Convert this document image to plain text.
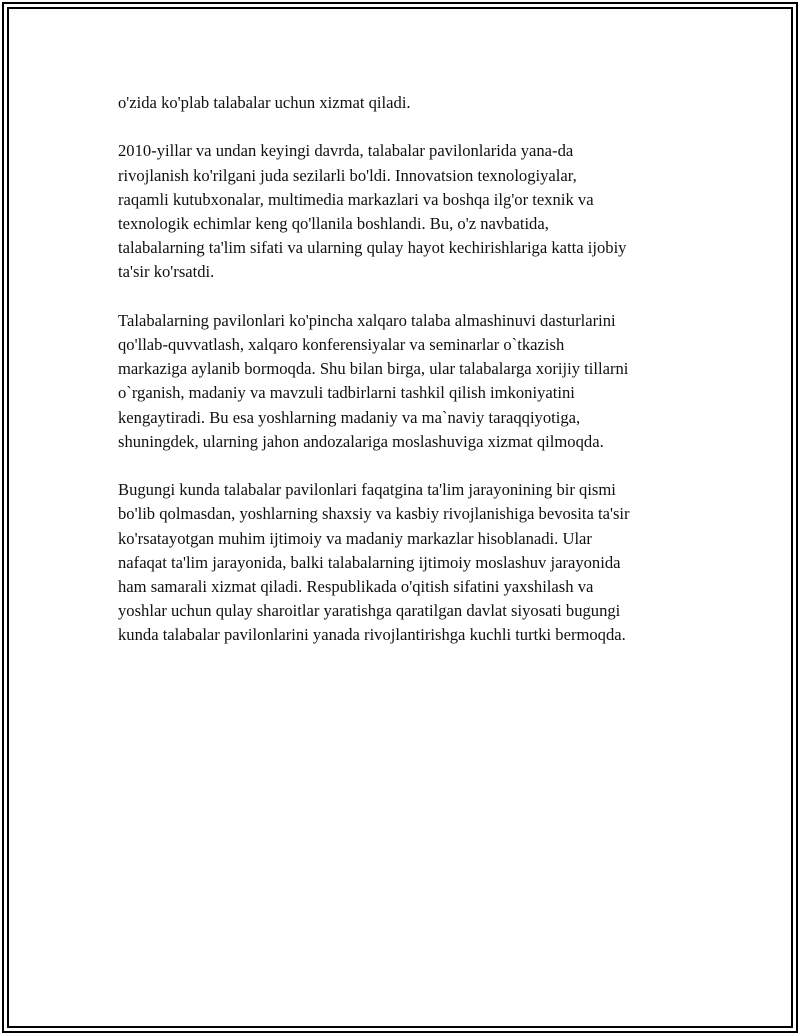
o'zida ko'plab talabalar uchun xizmat qiladi.

2010-yillar va undan keyingi davrda, talabalar pavilonlarida yana-da
rivojlanish ko'rilgani juda sezilarli bo'ldi. Innovatsion texnologiyalar,
raqamli kutubxonalar, multimedia markazlari va boshqa ilg'or texnik va
texnologik echimlar keng qo'llanila boshlandi. Bu, o'z navbatida,
talabalarning ta'lim sifati va ularning qulay hayot kechirishlariga katta ijobiy
ta'sir ko'rsatdi.

Talabalarning pavilonlari ko'pincha xalqaro talaba almashinuvi dasturlarini
qo'llab-quvvatlash, xalqaro konferensiyalar va seminarlar o`tkazish
markaziga aylanib bormoqda. Shu bilan birga, ular talabalarga xorijiy tillarni
o`rganish, madaniy va mavzuli tadbirlarni tashkil qilish imkoniyatini
kengaytiradi. Bu esa yoshlarning madaniy va ma`naviy taraqqiyotiga,
shuningdek, ularning jahon andozalariga moslashuviga xizmat qilmoqda.

Bugungi kunda talabalar pavilonlari faqatgina ta'lim jarayonining bir qismi
bo'lib qolmasdan, yoshlarning shaxsiy va kasbiy rivojlanishiga bevosita ta'sir
ko'rsatayotgan muhim ijtimoiy va madaniy markazlar hisoblanadi. Ular
nafaqat ta'lim jarayonida, balki talabalarning ijtimoiy moslashuv jarayonida
ham samarali xizmat qiladi. Respublikada o'qitish sifatini yaxshilash va
yoshlar uchun qulay sharoitlar yaratishga qaratilgan davlat siyosati bugungi
kunda talabalar pavilonlarini yanada rivojlantirishga kuchli turtki bermoqda.
